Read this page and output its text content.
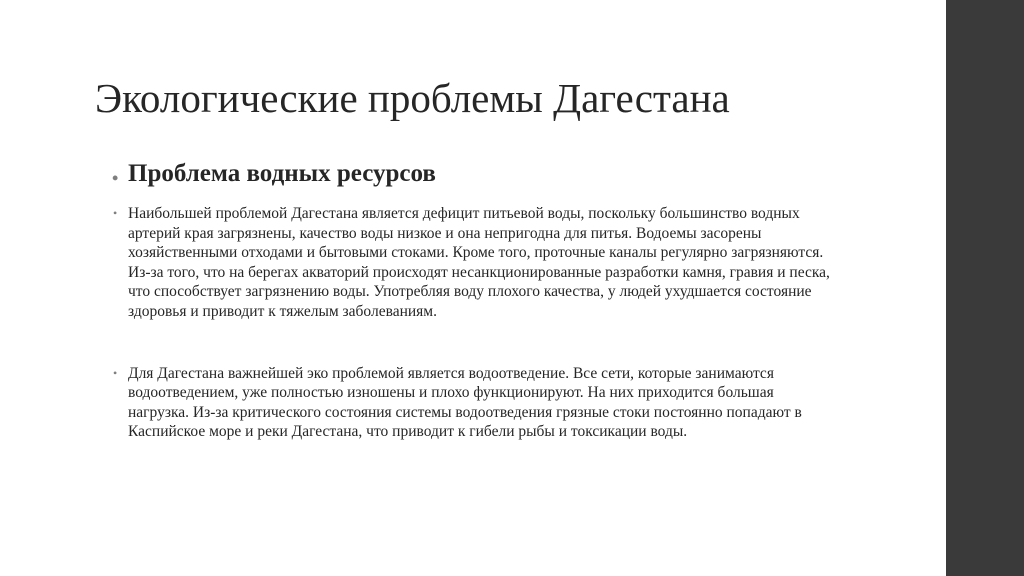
Экологические проблемы Дагестана
• Проблема водных ресурсов
• Наибольшей проблемой Дагестана является дефицит питьевой воды, поскольку большинство водных артерий края загрязнены, качество воды низкое и она непригодна для питья. Водоемы засорены хозяйственными отходами и бытовыми стоками. Кроме того, проточные каналы регулярно загрязняются. Из-за того, что на берегах акваторий происходят несанкционированные разработки камня, гравия и песка, что способствует загрязнению воды. Употребляя воду плохого качества, у людей ухудшается состояние здоровья и приводит к тяжелым заболеваниям.
• Для Дагестана важнейшей эко проблемой является водоотведение. Все сети, которые занимаются водоотведением, уже полностью изношены и плохо функционируют. На них приходится большая нагрузка. Из-за критического состояния системы водоотведения грязные стоки постоянно попадают в Каспийское море и реки Дагестана, что приводит к гибели рыбы и токсикации воды.
